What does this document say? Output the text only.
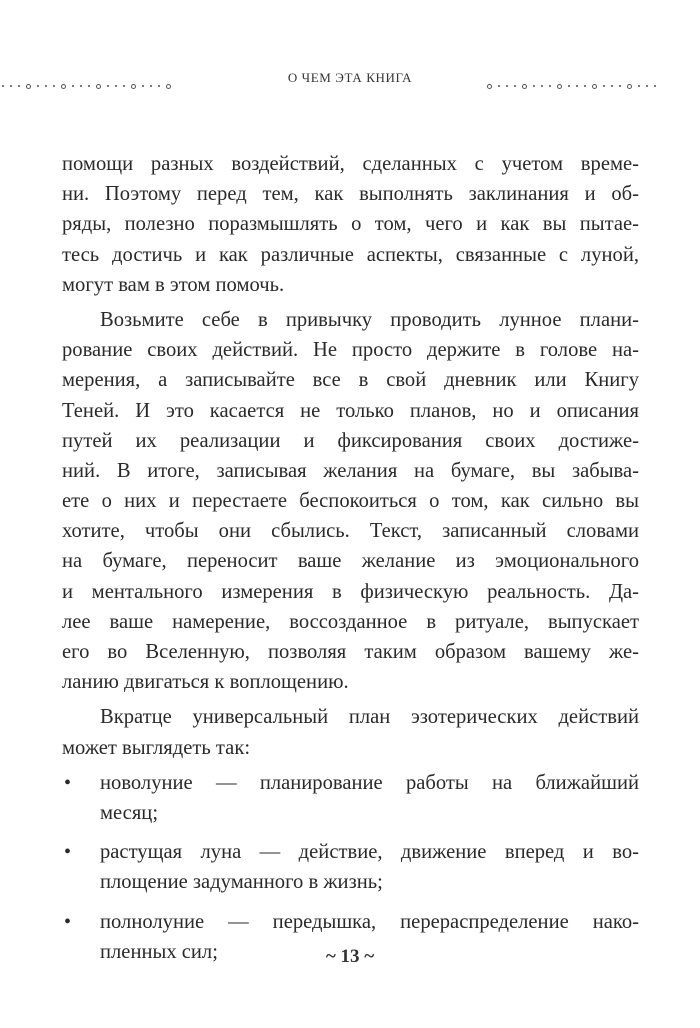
О ЧЕМ ЭТА КНИГА
помощи разных воздействий, сделанных с учетом време-
ни. Поэтому перед тем, как выполнять заклинания и об-
ряды, полезно поразмышлять о том, чего и как вы пытае-
тесь достичь и как различные аспекты, связанные с луной,
могут вам в этом помочь.
Возьмите себе в привычку проводить лунное плани-
рование своих действий. Не просто держите в голове на-
мерения, а записывайте все в свой дневник или Книгу
Теней. И это касается не только планов, но и описания
путей их реализации и фиксирования своих достиже-
ний. В итоге, записывая желания на бумаге, вы забыва-
ете о них и перестаете беспокоиться о том, как сильно вы
хотите, чтобы они сбылись. Текст, записанный словами
на бумаге, переносит ваше желание из эмоционального
и ментального измерения в физическую реальность. Да-
лее ваше намерение, воссозданное в ритуале, выпускает
его во Вселенную, позволяя таким образом вашему же-
ланию двигаться к воплощению.
Вкратце универсальный план эзотерических действий
может выглядеть так:
•	новолуние — планирование работы на ближайший
месяц;
•	растущая луна — действие, движение вперед и во-
площение задуманного в жизнь;
•	полнолуние — передышка, перераспределение нако-
пленных сил;	~ 13 ~
